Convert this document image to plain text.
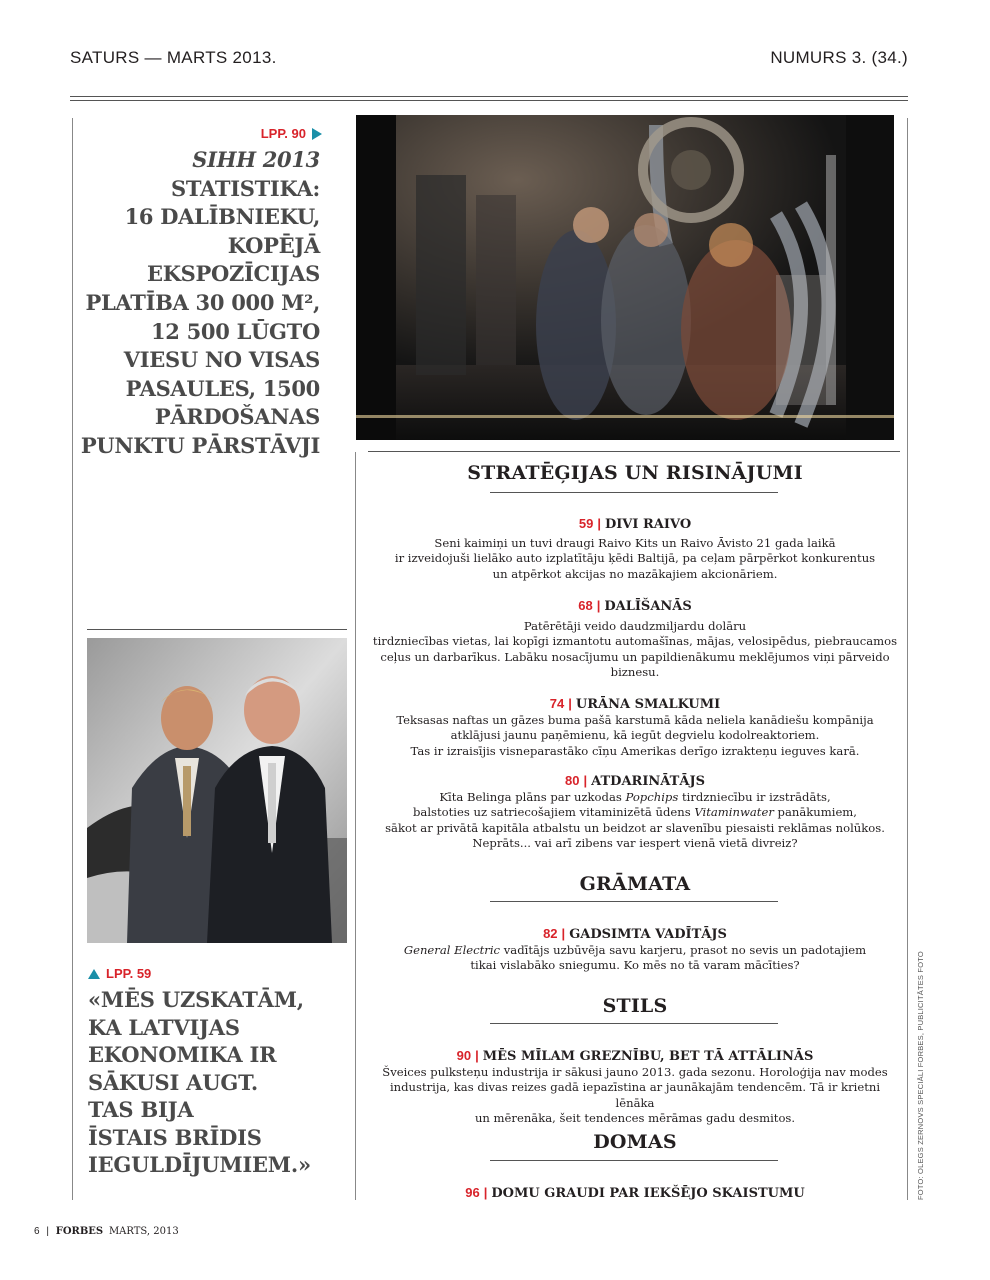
SATURS — MARTS 2013.	NUMURS 3. (34.)
LPP. 90
SIHH 2013
STATISTIKA:
16 DALĪBNIEKU,
KOPĒJĀ
EKSPOZĪCIJAS
PLATĪBA 30 000 M²,
12 500 LŪGTO
VIESU NO VISAS
PASAULES, 1500
PĀRDOŠANAS
PUNKTU PĀRSTĀVJI
STRATĒĢIJAS UN RISINĀJUMI
59 | DIVI RAIVO
Seni kaimiņi un tuvi draugi Raivo Kits un Raivo Āvisto 21 gada laikā
ir izveidojuši lielāko auto izplatītāju ķēdi Baltijā, pa ceļam pārpērkot konkurentus
un atpērkot akcijas no mazākajiem akcionāriem.
68 | DALĪŠANĀS
Patērētāji veido daudzmiljardu dolāru
tirdzniecības vietas, lai kopīgi izmantotu automašīnas, mājas, velosipēdus, piebraucamos
ceļus un darbarīkus. Labāku nosacījumu un papildienākumu meklējumos viņi pārveido
biznesu.
74 | URĀNA SMALKUMI
Teksasas naftas un gāzes buma pašā karstumā kāda neliela kanādiešu kompānija
atklājusi jaunu paņēmienu, kā iegūt degvielu kodolreaktoriem.
Tas ir izraisījis visneparastāko cīņu Amerikas derīgo izrakteņu ieguves karā.
80 | ATDARINĀTĀJS
Kīta Belinga plāns par uzkodas Popchips tirdzniecību ir izstrādāts,
balstoties uz satriecošajiem vitaminizētā ūdens Vitaminwater panākumiem,
sākot ar privātā kapitāla atbalstu un beidzot ar slavenību piesaisti reklāmas nolūkos.
Neprāts... vai arī zibens var iespert vienā vietā divreiz?
GRĀMATA
82 | GADSIMTA VADĪTĀJS
General Electric vadītājs uzbūvēja savu karjeru, prasot no sevis un padotajiem
tikai vislabāko sniegumu. Ko mēs no tā varam mācīties?
STILS
90 | MĒS MĪLAM GREZNĪBU, BET TĀ ATTĀLINĀS
Šveices pulksteņu industrija ir sākusi jauno 2013. gada sezonu. Horoloģija nav modes
industrija, kas divas reizes gadā iepazīstina ar jaunākajām tendencēm. Tā ir krietni lēnāka
un mērenāka, šeit tendences mērāmas gadu desmitos.
DOMAS
96 | DOMU GRAUDI PAR IEKŠĒJO SKAISTUMU
LPP. 59
«MĒS UZSKATĀM,
KA LATVIJAS
EKONOMIKA IR
SĀKUSI AUGT.
TAS BIJA
ĪSTAIS BRĪDIS
IEGULDĪJUMIEM.»	FOTO: OLEGS ZERNOVS SPECIĀLI FORBES, PUBLICITĀTES FOTO
6 | FORBES MARTS, 2013
